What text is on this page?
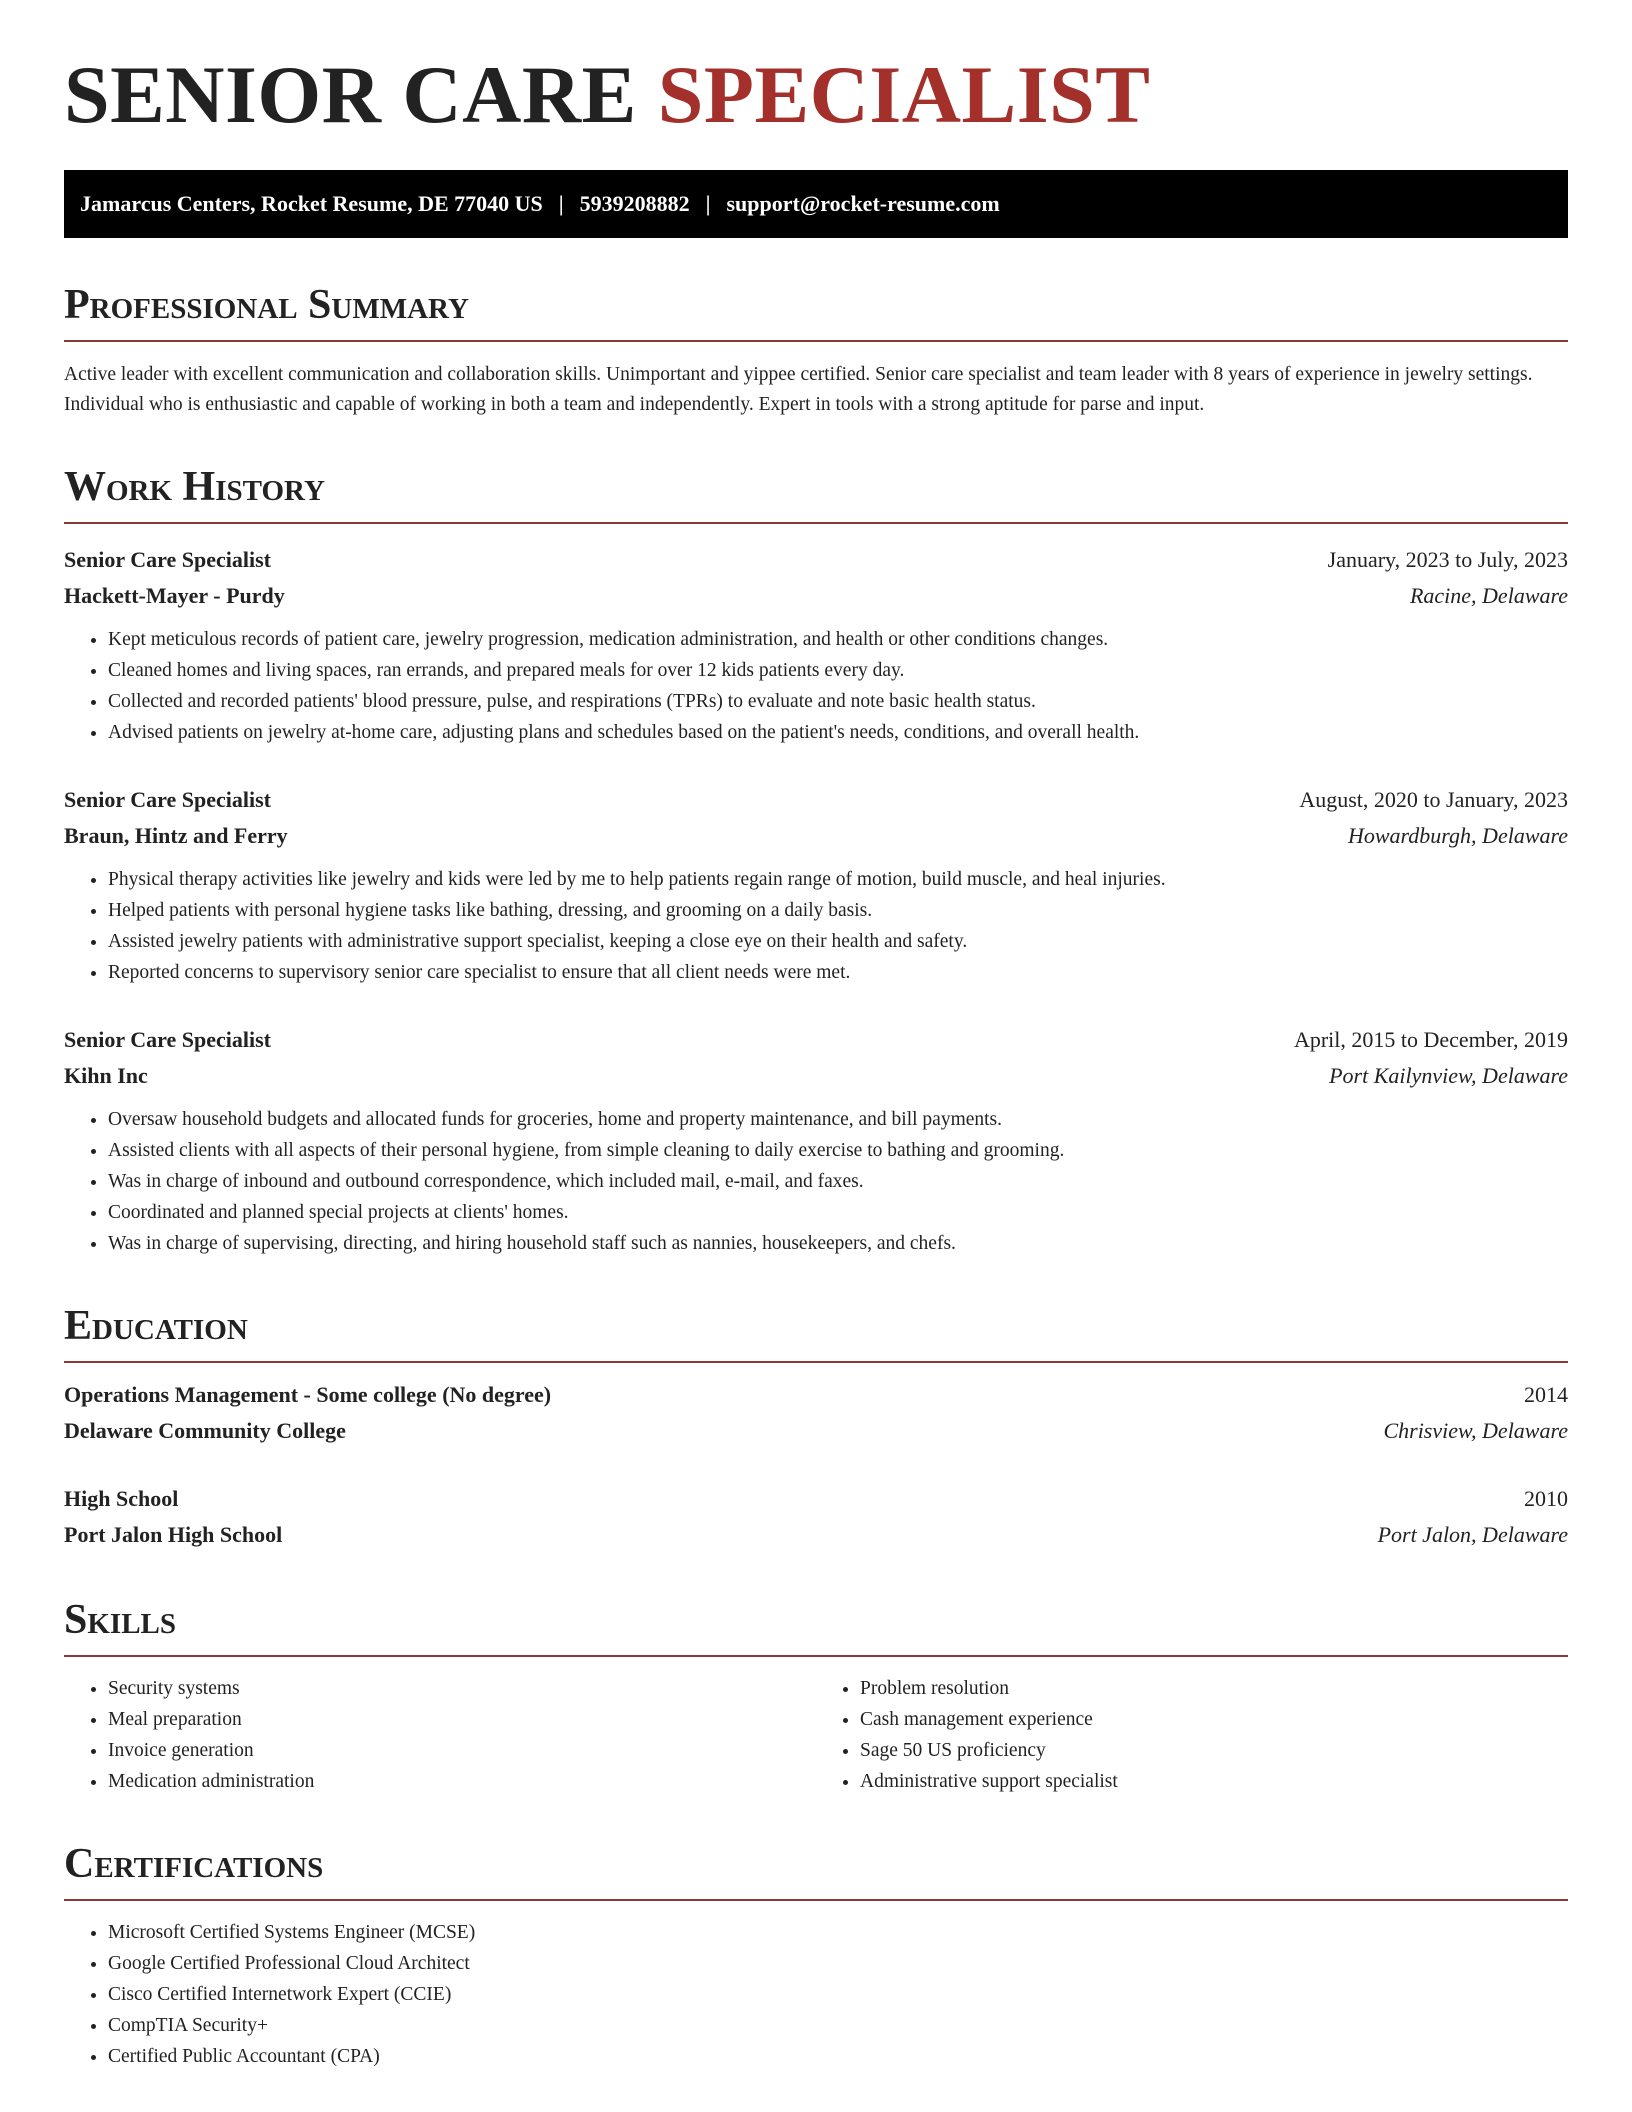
SENIOR CARE SPECIALIST
Jamarcus Centers, Rocket Resume, DE 77040 US | 5939208882 | support@rocket-resume.com
Professional Summary

Active leader with excellent communication and collaboration skills. Unimportant and yippee certified. Senior care specialist and team leader with 8 years of experience in jewelry settings. Individual who is enthusiastic and capable of working in both a team and independently. Expert in tools with a strong aptitude for parse and input.

Work History
Senior Care Specialist	January, 2023 to July, 2023
Hackett-Mayer - Purdy	Racine, Delaware
• Kept meticulous records of patient care, jewelry progression, medication administration, and health or other conditions changes.
• Cleaned homes and living spaces, ran errands, and prepared meals for over 12 kids patients every day.
• Collected and recorded patients' blood pressure, pulse, and respirations (TPRs) to evaluate and note basic health status.
• Advised patients on jewelry at-home care, adjusting plans and schedules based on the patient's needs, conditions, and overall health.
Senior Care Specialist	August, 2020 to January, 2023
Braun, Hintz and Ferry	Howardburgh, Delaware
• Physical therapy activities like jewelry and kids were led by me to help patients regain range of motion, build muscle, and heal injuries.
• Helped patients with personal hygiene tasks like bathing, dressing, and grooming on a daily basis.
• Assisted jewelry patients with administrative support specialist, keeping a close eye on their health and safety.
• Reported concerns to supervisory senior care specialist to ensure that all client needs were met.
Senior Care Specialist	April, 2015 to December, 2019
Kihn Inc	Port Kailynview, Delaware
• Oversaw household budgets and allocated funds for groceries, home and property maintenance, and bill payments.
• Assisted clients with all aspects of their personal hygiene, from simple cleaning to daily exercise to bathing and grooming.
• Was in charge of inbound and outbound correspondence, which included mail, e-mail, and faxes.
• Coordinated and planned special projects at clients' homes.
• Was in charge of supervising, directing, and hiring household staff such as nannies, housekeepers, and chefs.
Education
Operations Management - Some college (No degree)	2014
Delaware Community College	Chrisview, Delaware
High School	2010
Port Jalon High School	Port Jalon, Delaware
Skills
• Security systems
• Meal preparation
• Invoice generation
• Medication administration
• Problem resolution
• Cash management experience
• Sage 50 US proficiency
• Administrative support specialist
Certifications
• Microsoft Certified Systems Engineer (MCSE)
• Google Certified Professional Cloud Architect
• Cisco Certified Internetwork Expert (CCIE)
• CompTIA Security+
• Certified Public Accountant (CPA)
